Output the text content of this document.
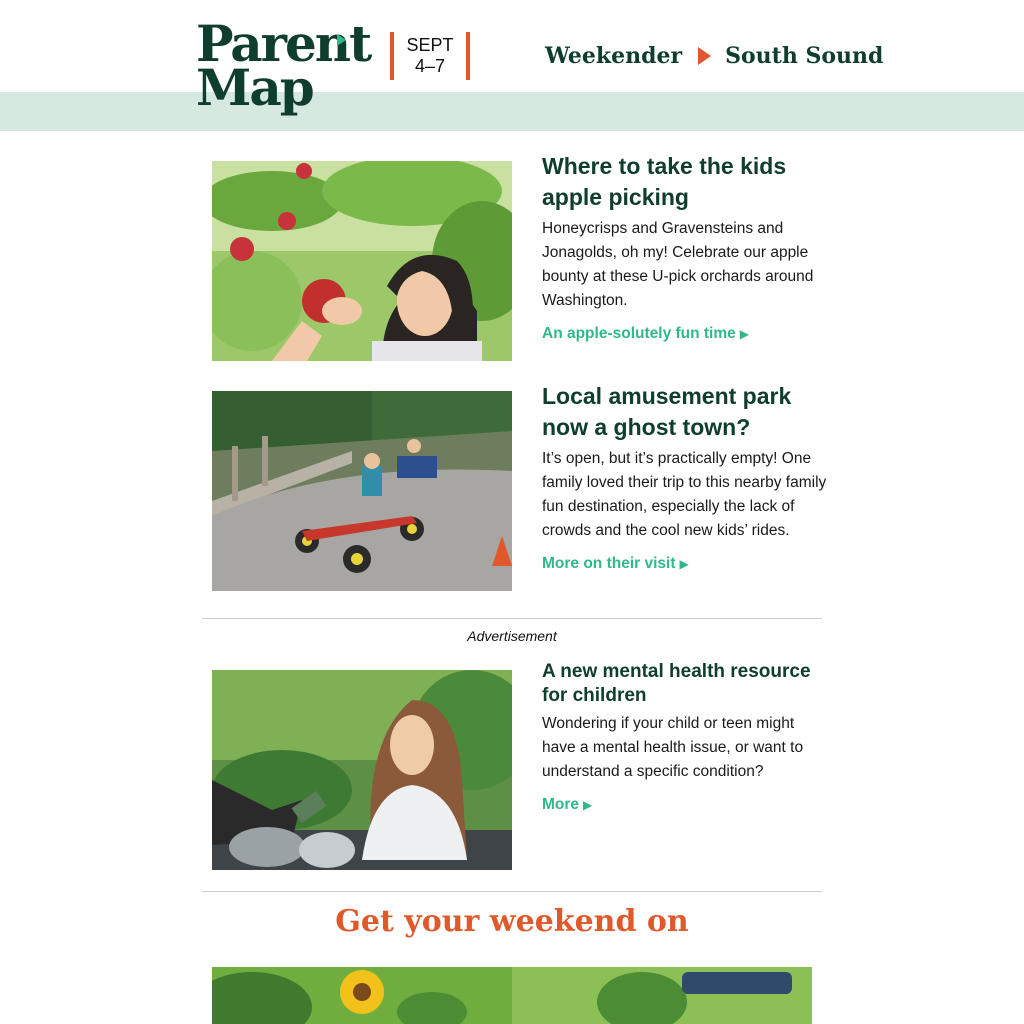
Parent
Map
SEPT
4–7	Weekender South Sound
Where to take the kids apple picking
Honeycrisps and Gravensteins and Jonagolds, oh my! Celebrate our apple bounty at these U-pick orchards around Washington.
An apple-solutely fun time ▶
Local amusement park now a ghost town?
It’s open, but it’s practically empty! One family loved their trip to this nearby family fun destination, especially the lack of crowds and the cool new kids’ rides.
More on their visit ▶
Advertisement
A new mental health resource for children
Wondering if your child or teen might have a mental health issue, or want to understand a specific condition?
More ▶
Get your weekend on
